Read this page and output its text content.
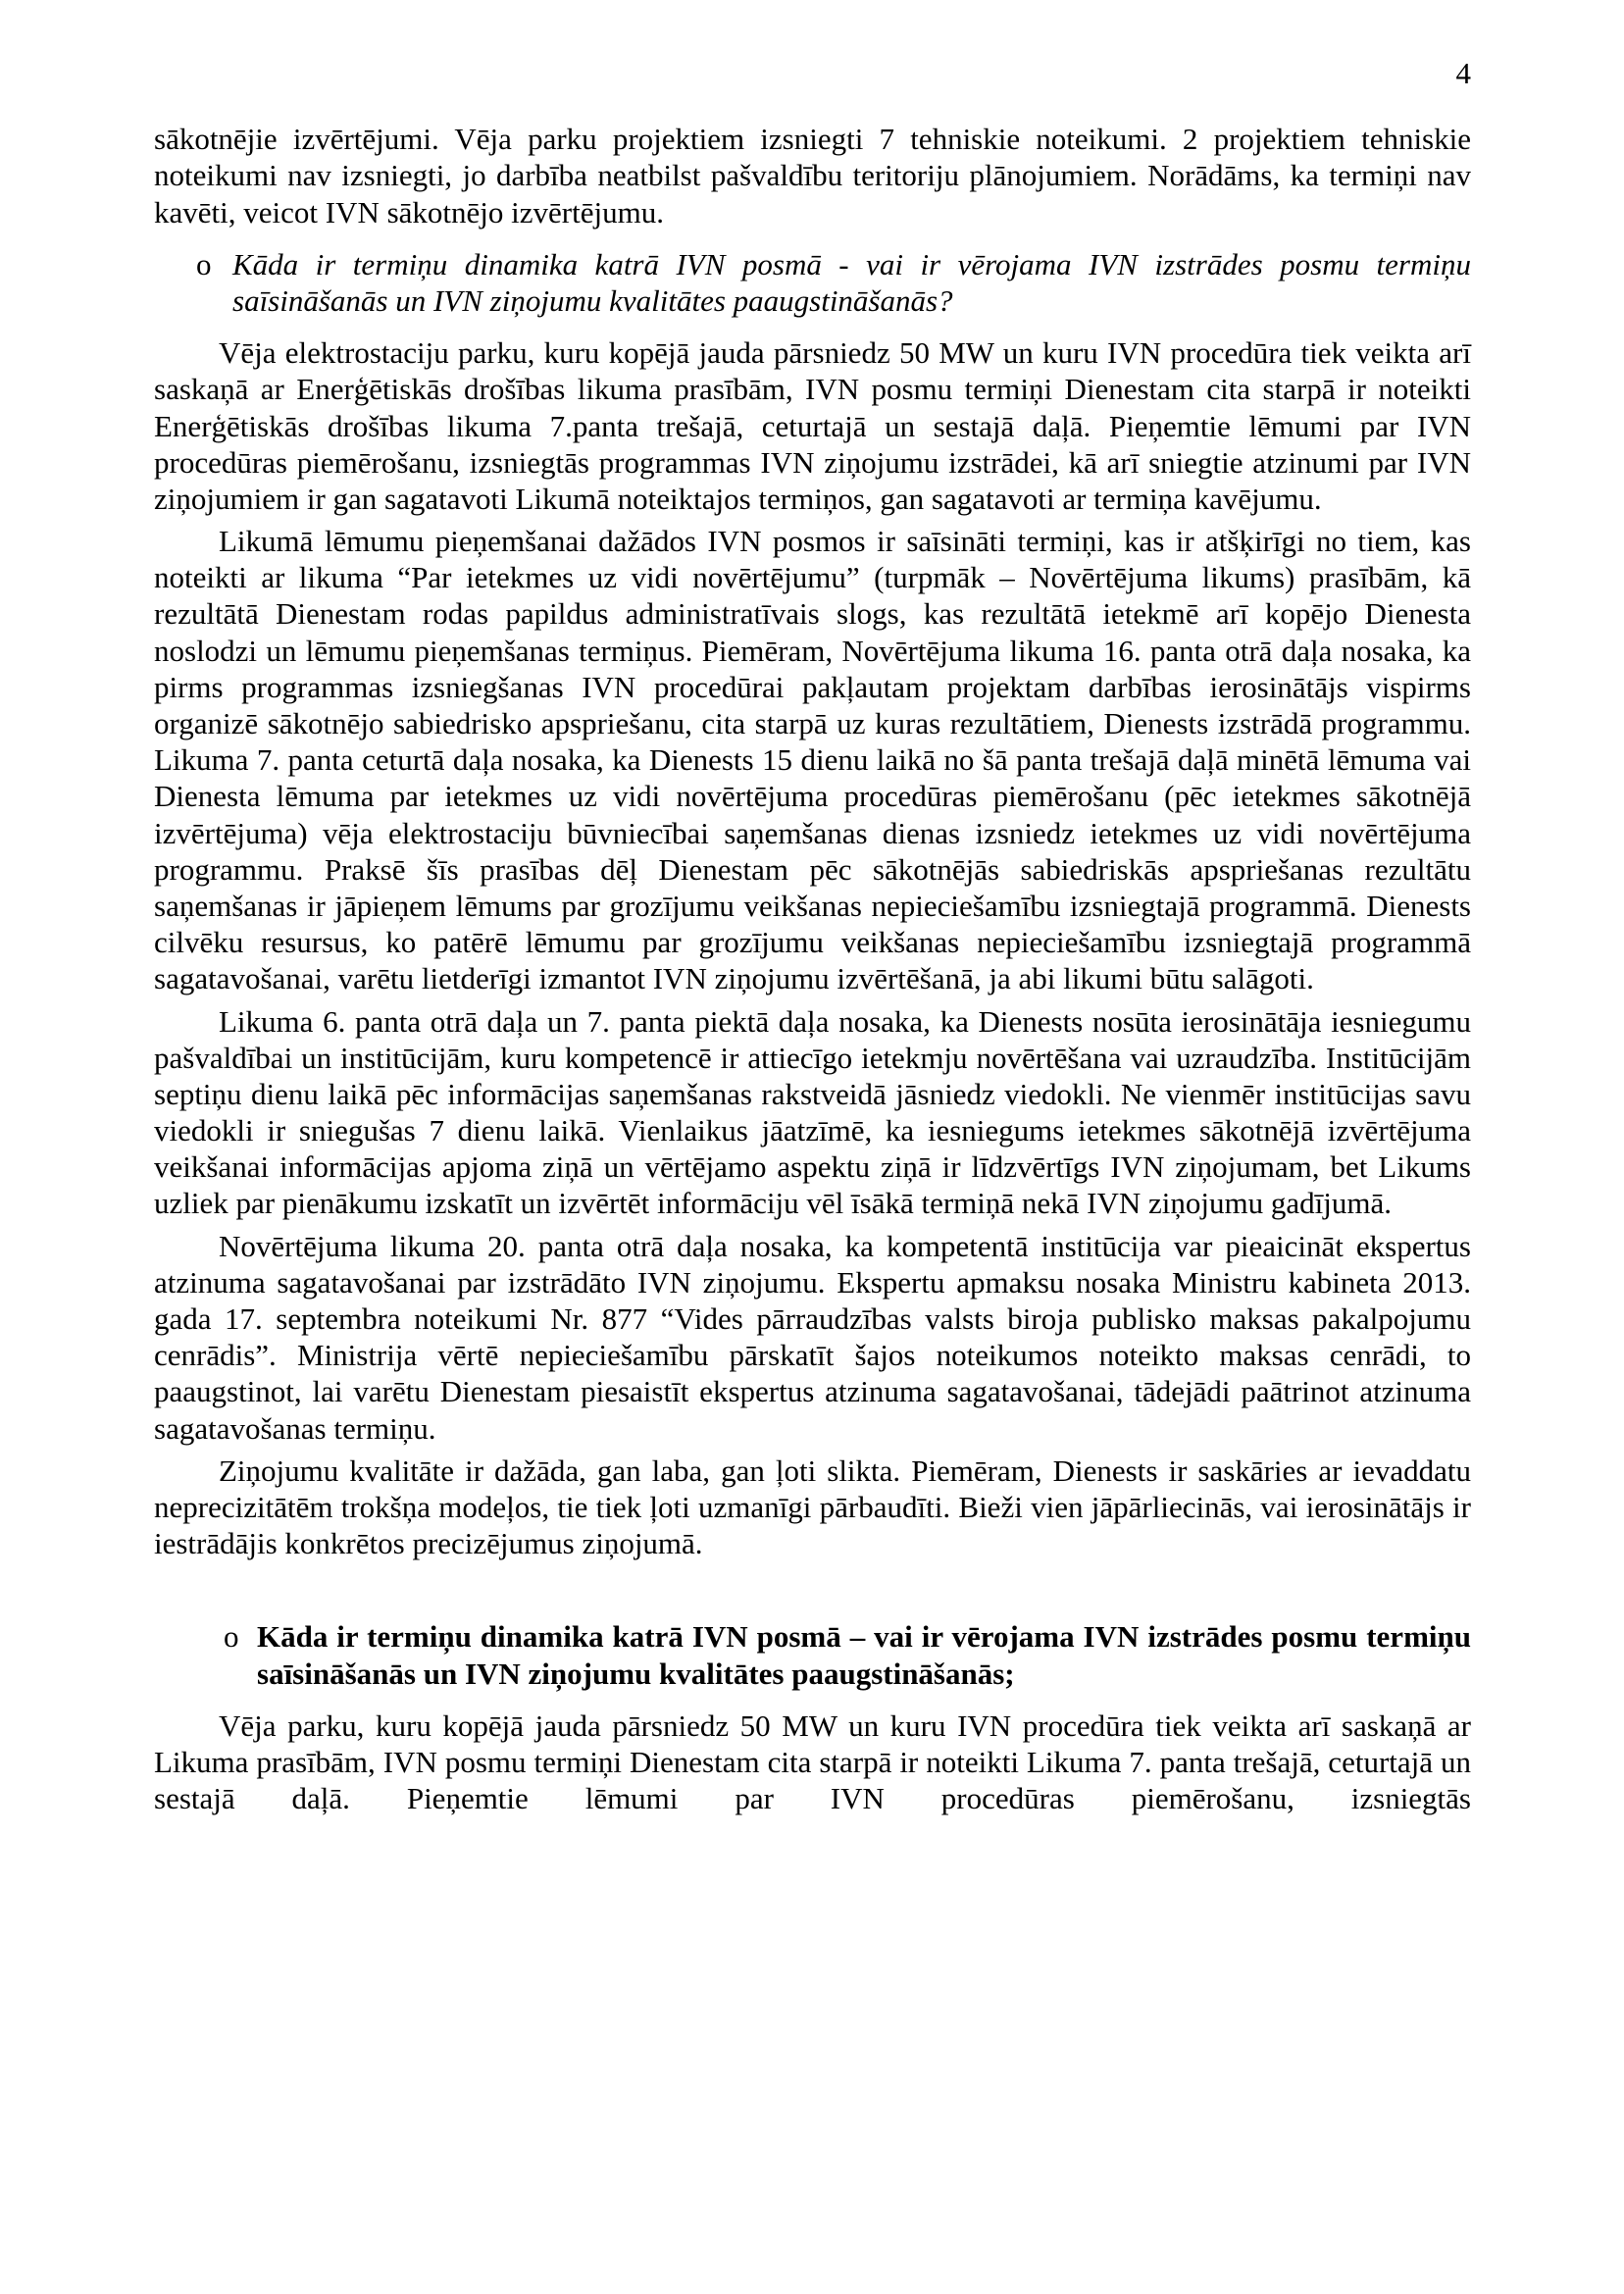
4

sākotnējie izvērtējumi. Vēja parku projektiem izsniegti 7 tehniskie noteikumi. 2 projektiem tehniskie noteikumi nav izsniegti, jo darbība neatbilst pašvaldību teritoriju plānojumiem. Norādāms, ka termiņi nav kavēti, veicot IVN sākotnējo izvērtējumu.

o Kāda ir termiņu dinamika katrā IVN posmā - vai ir vērojama IVN izstrādes posmu termiņu saīsināšanās un IVN ziņojumu kvalitātes paaugstināšanās?

Vēja elektrostaciju parku, kuru kopējā jauda pārsniedz 50 MW un kuru IVN procedūra tiek veikta arī saskaņā ar Enerģētiskās drošības likuma prasībām, IVN posmu termiņi Dienestam cita starpā ir noteikti Enerģētiskās drošības likuma 7.panta trešajā, ceturtajā un sestajā daļā. Pieņemtie lēmumi par IVN procedūras piemērošanu, izsniegtās programmas IVN ziņojumu izstrādei, kā arī sniegtie atzinumi par IVN ziņojumiem ir gan sagatavoti Likumā noteiktajos termiņos, gan sagatavoti ar termiņa kavējumu.

Likumā lēmumu pieņemšanai dažādos IVN posmos ir saīsināti termiņi, kas ir atšķirīgi no tiem, kas noteikti ar likuma “Par ietekmes uz vidi novērtējumu” (turpmāk – Novērtējuma likums) prasībām, kā rezultātā Dienestam rodas papildus administratīvais slogs, kas rezultātā ietekmē arī kopējo Dienesta noslodzi un lēmumu pieņemšanas termiņus. Piemēram, Novērtējuma likuma 16. panta otrā daļa nosaka, ka pirms programmas izsniegšanas IVN procedūrai pakļautam projektam darbības ierosinātājs vispirms organizē sākotnējo sabiedrisko apspriešanu, cita starpā uz kuras rezultātiem, Dienests izstrādā programmu. Likuma 7. panta ceturtā daļa nosaka, ka Dienests 15 dienu laikā no šā panta trešajā daļā minētā lēmuma vai Dienesta lēmuma par ietekmes uz vidi novērtējuma procedūras piemērošanu (pēc ietekmes sākotnējā izvērtējuma) vēja elektrostaciju būvniecībai saņemšanas dienas izsniedz ietekmes uz vidi novērtējuma programmu. Praksē šīs prasības dēļ Dienestam pēc sākotnējās sabiedriskās apspriešanas rezultātu saņemšanas ir jāpieņem lēmums par grozījumu veikšanas nepieciešamību izsniegtajā programmā. Dienests cilvēku resursus, ko patērē lēmumu par grozījumu veikšanas nepieciešamību izsniegtajā programmā sagatavošanai, varētu lietderīgi izmantot IVN ziņojumu izvērtēšanā, ja abi likumi būtu salāgoti.

Likuma 6. panta otrā daļa un 7. panta piektā daļa nosaka, ka Dienests nosūta ierosinātāja iesniegumu pašvaldībai un institūcijām, kuru kompetencē ir attiecīgo ietekmju novērtēšana vai uzraudzība. Institūcijām septiņu dienu laikā pēc informācijas saņemšanas rakstveidā jāsniedz viedokli. Ne vienmēr institūcijas savu viedokli ir sniegušas 7 dienu laikā. Vienlaikus jāatzīmē, ka iesniegums ietekmes sākotnējā izvērtējuma veikšanai informācijas apjoma ziņā un vērtējamo aspektu ziņā ir līdzvērtīgs IVN ziņojumam, bet Likums uzliek par pienākumu izskatīt un izvērtēt informāciju vēl īsākā termiņā nekā IVN ziņojumu gadījumā.

Novērtējuma likuma 20. panta otrā daļa nosaka, ka kompetentā institūcija var pieaicināt ekspertus atzinuma sagatavošanai par izstrādāto IVN ziņojumu. Ekspertu apmaksu nosaka Ministru kabineta 2013. gada 17. septembra noteikumi Nr. 877 “Vides pārraudzības valsts biroja publisko maksas pakalpojumu cenrādis”. Ministrija vērtē nepieciešamību pārskatīt šajos noteikumos noteikto maksas cenrādi, to paaugstinot, lai varētu Dienestam piesaistīt ekspertus atzinuma sagatavošanai, tādejādi paātrinot atzinuma sagatavošanas termiņu.

Ziņojumu kvalitāte ir dažāda, gan laba, gan ļoti slikta. Piemēram, Dienests ir saskāries ar ievaddatu neprecizitātēm trokšņa modeļos, tie tiek ļoti uzmanīgi pārbaudīti. Bieži vien jāpārliecinās, vai ierosinātājs ir iestrādājis konkrētos precizējumus ziņojumā.

o Kāda ir termiņu dinamika katrā IVN posmā – vai ir vērojama IVN izstrādes posmu termiņu saīsināšanās un IVN ziņojumu kvalitātes paaugstināšanās;

Vēja parku, kuru kopējā jauda pārsniedz 50 MW un kuru IVN procedūra tiek veikta arī saskaņā ar Likuma prasībām, IVN posmu termiņi Dienestam cita starpā ir noteikti Likuma 7. panta trešajā, ceturtajā un sestajā daļā. Pieņemtie lēmumi par IVN procedūras piemērošanu, izsniegtās
